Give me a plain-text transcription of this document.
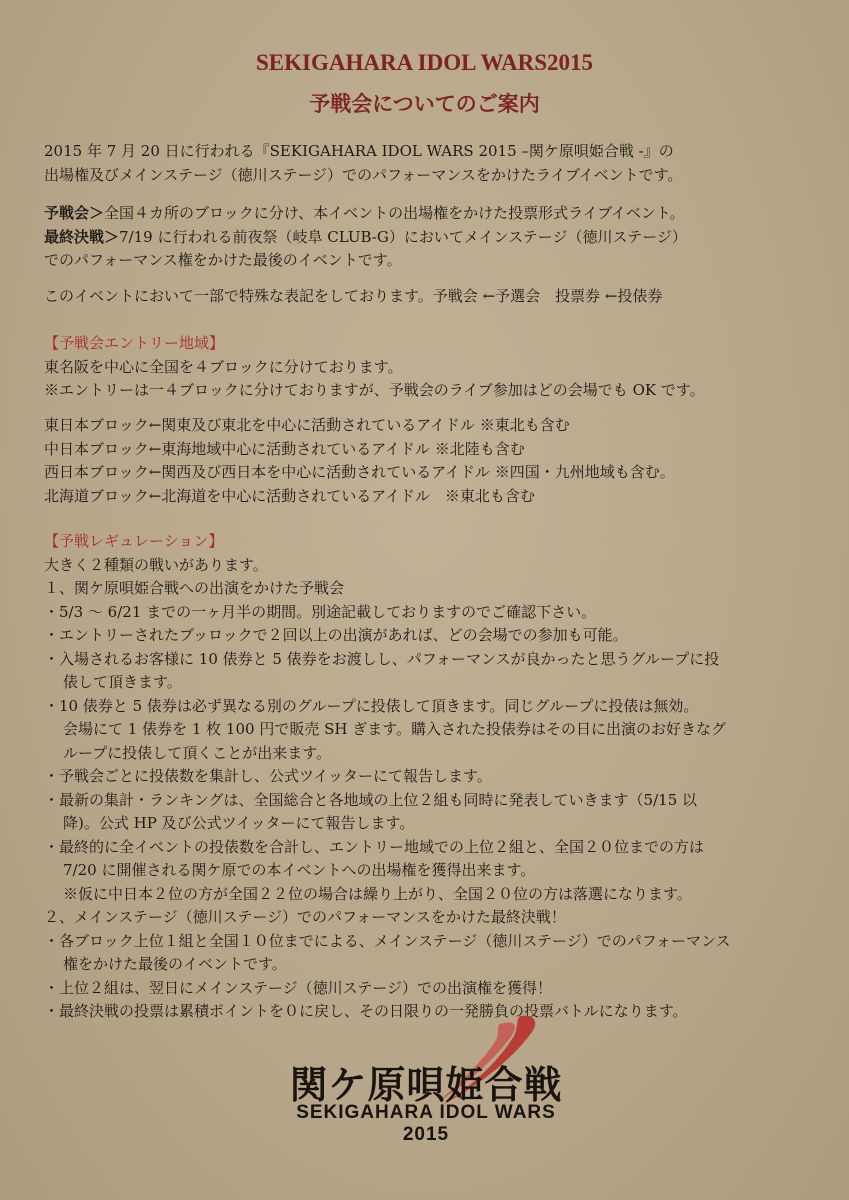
SEKIGAHARA IDOL WARS2015
予戦会についてのご案内

2015 年 7 月 20 日に行われる『SEKIGAHARA IDOL WARS 2015 –関ケ原唄姫合戦 -』の

出場権及びメインステージ（徳川ステージ）でのパフォーマンスをかけたライブイベントです。

予戦会＞全国４カ所のブロックに分け、本イベントの出場権をかけた投票形式ライブイベント。

最終決戦＞7/19 に行われる前夜祭（岐阜 CLUB-G）においてメインステージ（徳川ステージ）

でのパフォーマンス権をかけた最後のイベントです。

このイベントにおいて一部で特殊な表記をしております。予戦会 ←予選会　投票券 ←投俵券

【予戦会エントリー地域】

東名阪を中心に全国を４ブロックに分けております。

※エントリーは一４ブロックに分けておりますが、予戦会のライブ参加はどの会場でも OK です。

東日本ブロック←関東及び東北を中心に活動されているアイドル ※東北も含む

中日本ブロック←東海地域中心に活動されているアイドル ※北陸も含む

西日本ブロック←関西及び西日本を中心に活動されているアイドル ※四国・九州地域も含む。

北海道ブロック←北海道を中心に活動されているアイドル　※東北も含む

【予戦レギュレーション】

大きく２種類の戦いがあります。

１、関ケ原唄姫合戦への出演をかけた予戦会

・5/3 ～ 6/21 までの一ヶ月半の期間。別途記載しておりますのでご確認下さい。

・エントリーされたブッロックで２回以上の出演があれば、どの会場での参加も可能。

・入場されるお客様に 10 俵券と 5 俵券をお渡しし、パフォーマンスが良かったと思うグループに投

俵して頂きます。

・10 俵券と 5 俵券は必ず異なる別のグループに投俵して頂きます。同じグループに投俵は無効。

会場にて 1 俵券を 1 枚 100 円で販売 SH ぎます。購入された投俵券はその日に出演のお好きなグ

ループに投俵して頂くことが出来ます。

・予戦会ごとに投俵数を集計し、公式ツイッターにて報告します。

・最新の集計・ランキングは、全国総合と各地域の上位２組も同時に発表していきます（5/15 以

降)。公式 HP 及び公式ツイッターにて報告します。

・最終的に全イベントの投俵数を合計し、エントリー地域での上位２組と、全国２０位までの方は

7/20 に開催される関ケ原での本イベントへの出場権を獲得出来ます。

※仮に中日本２位の方が全国２２位の場合は繰り上がり、全国２０位の方は落選になります。

２、メインステージ（徳川ステージ）でのパフォーマンスをかけた最終決戦！

・各ブロック上位１組と全国１０位までによる、メインステージ（徳川ステージ）でのパフォーマンス

権をかけた最後のイベントです。

・上位２組は、翌日にメインステージ（徳川ステージ）での出演権を獲得！

・最終決戦の投票は累積ポイントを０に戻し、その日限りの一発勝負の投票バトルになります。

関ケ原唄姫合戦
SEKIGAHARA IDOL WARS 2015
